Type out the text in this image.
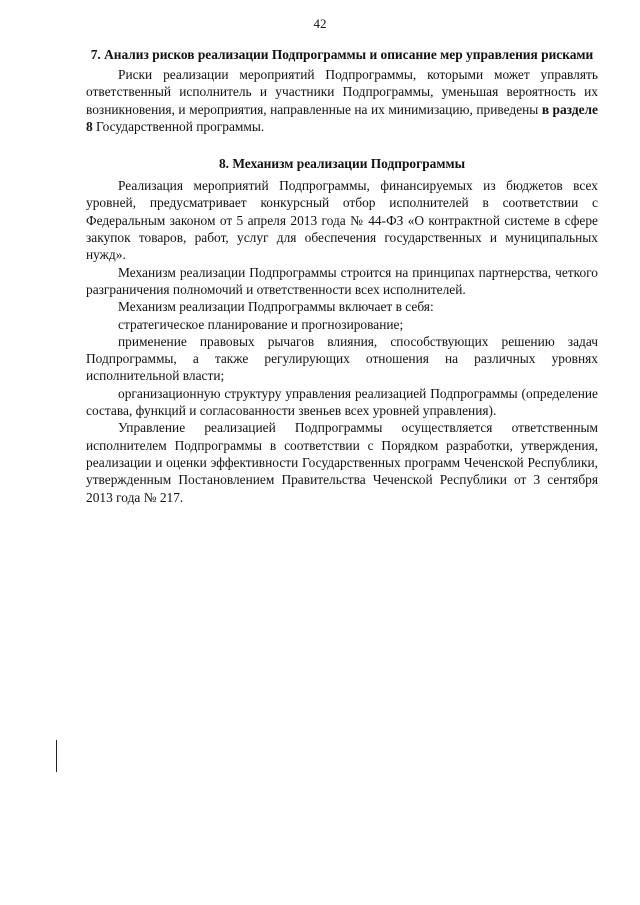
42
7. Анализ рисков реализации Подпрограммы и описание мер управления рисками

Риски реализации мероприятий Подпрограммы, которыми может управлять ответственный исполнитель и участники Подпрограммы, уменьшая вероятность их возникновения, и мероприятия, направленные на их минимизацию, приведены в разделе 8 Государственной программы.

8. Механизм реализации Подпрограммы

Реализация мероприятий Подпрограммы, финансируемых из бюджетов всех уровней, предусматривает конкурсный отбор исполнителей в соответствии с Федеральным законом от 5 апреля 2013 года № 44-ФЗ «О контрактной системе в сфере закупок товаров, работ, услуг для обеспечения государственных и муниципальных нужд».

Механизм реализации Подпрограммы строится на принципах партнерства, четкого разграничения полномочий и ответственности всех исполнителей.

Механизм реализации Подпрограммы включает в себя:

стратегическое планирование и прогнозирование;

применение правовых рычагов влияния, способствующих решению задач Подпрограммы, а также регулирующих отношения на различных уровнях исполнительной власти;

организационную структуру управления реализацией Подпрограммы (определение состава, функций и согласованности звеньев всех уровней управления).

Управление реализацией Подпрограммы осуществляется ответственным исполнителем Подпрограммы в соответствии с Порядком разработки, утверждения, реализации и оценки эффективности Государственных программ Чеченской Республики, утвержденным Постановлением Правительства Чеченской Республики от 3 сентября 2013 года № 217.
